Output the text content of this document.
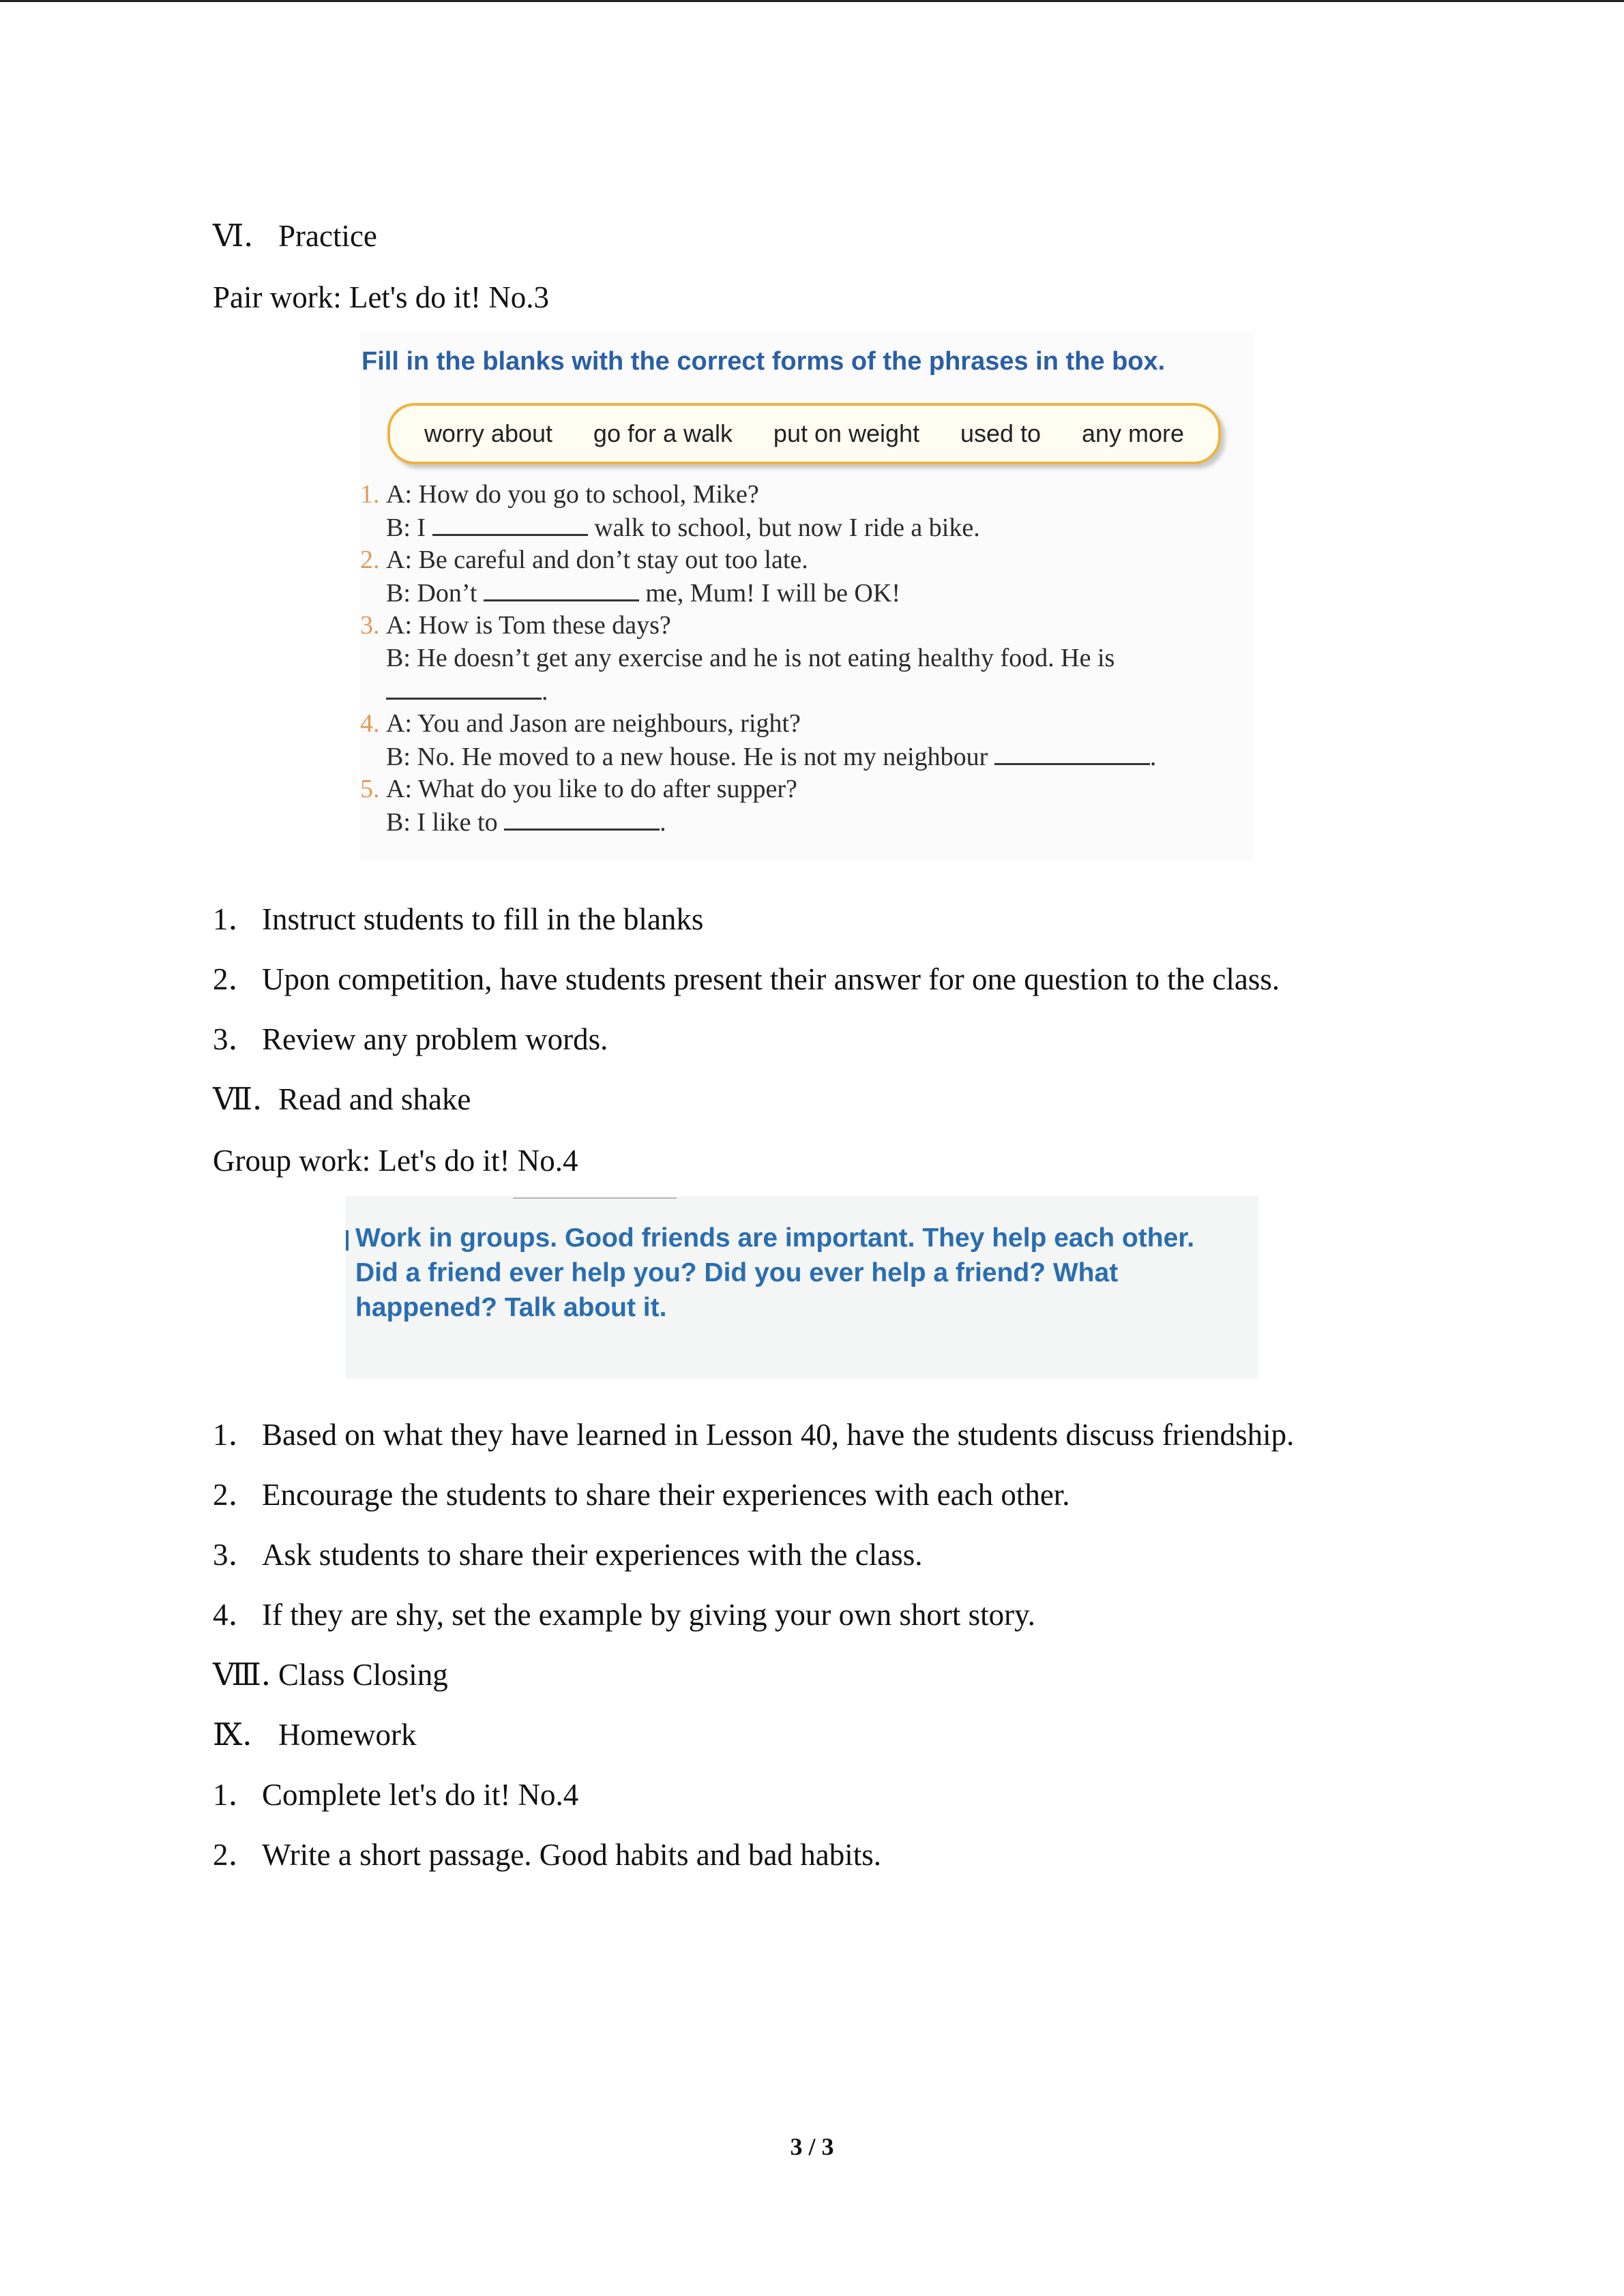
Ⅵ． Practice
Pair work: Let's do it! No.3
Fill in the blanks with the correct forms of the phrases in the box.
worry about go for a walk put on weight used to any more
1. A: How do you go to school, Mike?
B: I	walk to school, but now I ride a bike.
2. A: Be careful and don’t stay out too late.
B: Don’t	me, Mum! I will be OK!
3. A: How is Tom these days?
B: He doesn’t get any exercise and he is not eating healthy food. He is
.
4. A: You and Jason are neighbours, right?
B: No. He moved to a new house. He is not my neighbour	.
5. A: What do you like to do after supper?
B: I like to	.
1．Instruct students to fill in the blanks
2．Upon competition, have students present their answer for one question to the class.
3．Review any problem words.
Ⅶ．Read and shake
Group work: Let's do it! No.4
Work in groups. Good friends are important. They help each other.
Did a friend ever help you? Did you ever help a friend? What
happened? Talk about it.
1．Based on what they have learned in Lesson 40, have the students discuss friendship.
2．Encourage the students to share their experiences with each other.
3．Ask students to share their experiences with the class.
4．If they are shy, set the example by giving your own short story.
Ⅷ．Class Closing
Ⅸ． Homework
1．Complete let's do it! No.4
2．Write a short passage. Good habits and bad habits.
3 / 3
